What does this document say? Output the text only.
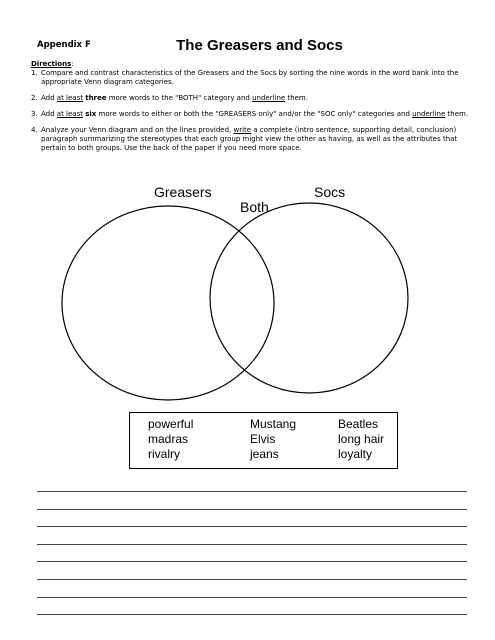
Appendix F	The Greasers and Socs
Directions:
1. Compare and contrast characteristics of the Greasers and the Socs by sorting the nine words in the word bank into the appropriate Venn diagram categories.
2. Add at least three more words to the "BOTH" category and underline them.
3. Add at least six more words to either or both the "GREASERS only" and/or the "SOC only" categories and underline them.
4. Analyze your Venn diagram and on the lines provided, write a complete (intro sentence, supporting detail, conclusion) paragraph summarizing the stereotypes that each group might view the other as having, as well as the attributes that pertain to both groups. Use the back of the paper if you need more space.
Greasers
Both
Socs
powerful
madras
rivalry
Mustang
Elvis
jeans
Beatles
long hair
loyalty
